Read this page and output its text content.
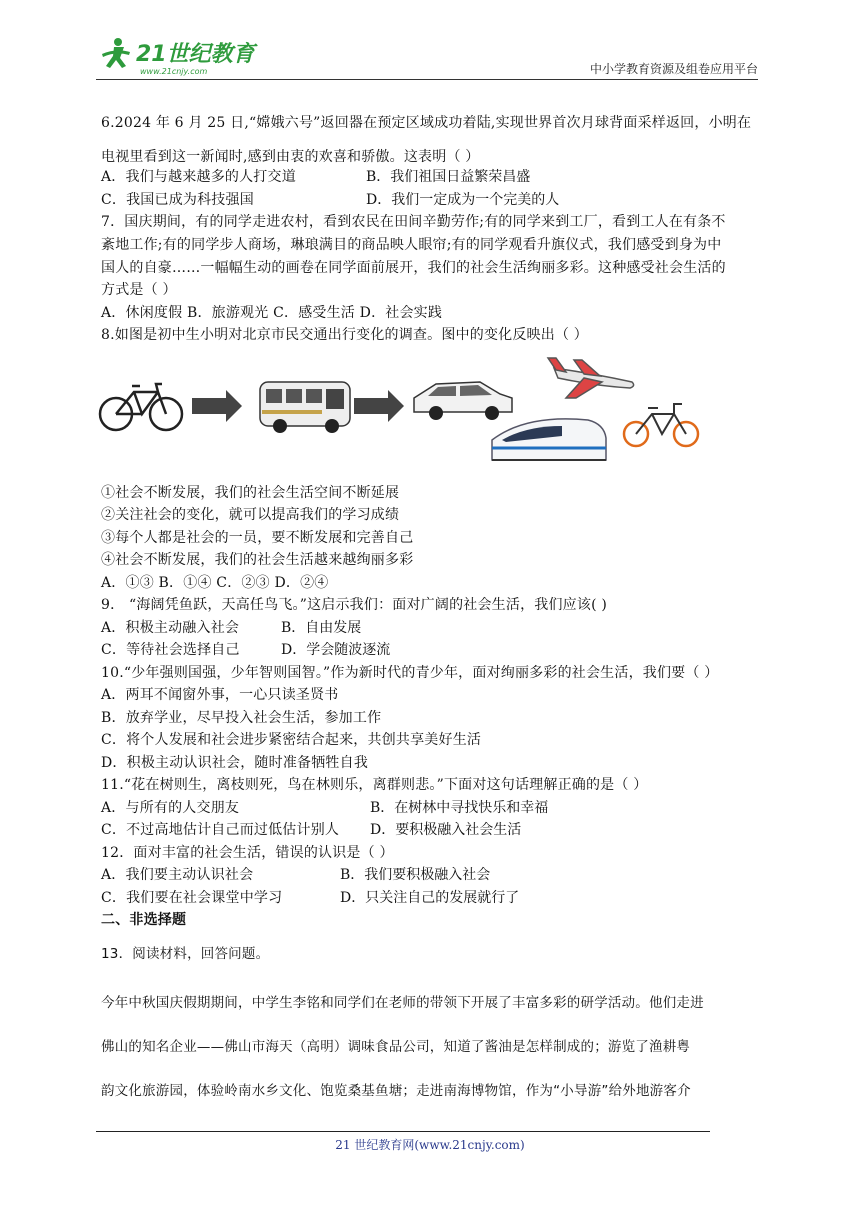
21世纪教育
www.21cnjy.com	中小学教育资源及组卷应用平台
6.2024 年 6 月 25 日,“嫦娥六号”返回器在预定区域成功着陆,实现世界首次月球背面采样返回，小明在
电视里看到这一新闻时,感到由衷的欢喜和骄傲。这表明（ ）
A．我们与越来越多的人打交道	B．我们祖国日益繁荣昌盛
C．我国已成为科技强国	D．我们一定成为一个完美的人
7．国庆期间，有的同学走进农村，看到农民在田间辛勤劳作;有的同学来到工厂，看到工人在有条不
紊地工作;有的同学步人商场，琳琅满目的商品映人眼帘;有的同学观看升旗仪式，我们感受到身为中
国人的自豪……一幅幅生动的画卷在同学面前展开，我们的社会生活绚丽多彩。这种感受社会生活的
方式是（ ）
A．休闲度假 B．旅游观光 C．感受生活 D．社会实践
8.如图是初中生小明对北京市民交通出行变化的调查。图中的变化反映出（ ）
①社会不断发展，我们的社会生活空间不断延展
②关注社会的变化，就可以提高我们的学习成绩
③每个人都是社会的一员，要不断发展和完善自己
④社会不断发展，我们的社会生活越来越绚丽多彩
A．①③ B．①④ C．②③ D．②④
9． “海阔凭鱼跃，天高任鸟飞。”这启示我们：面对广阔的社会生活，我们应该( )
A．积极主动融入社会	B．自由发展
C．等待社会选择自己	D．学会随波逐流
10.“少年强则国强，少年智则国智。”作为新时代的青少年，面对绚丽多彩的社会生活，我们要（ ）
A．两耳不闻窗外事，一心只读圣贤书
B．放弃学业，尽早投入社会生活，参加工作
C．将个人发展和社会进步紧密结合起来，共创共享美好生活
D．积极主动认识社会，随时准备牺牲自我
11.“花在树则生，离枝则死，鸟在林则乐，离群则悲。”下面对这句话理解正确的是（ ）
A．与所有的人交朋友	B．在树林中寻找快乐和幸福
C．不过高地估计自己而过低估计别人 D．要积极融入社会生活
12．面对丰富的社会生活，错误的认识是（ ）
A．我们要主动认识社会	B．我们要积极融入社会
C．我们要在社会课堂中学习	D．只关注自己的发展就行了
二、非选择题
13．阅读材料，回答问题。
今年中秋国庆假期期间，中学生李铭和同学们在老师的带领下开展了丰富多彩的研学活动。他们走进
佛山的知名企业——佛山市海天（高明）调味食品公司，知道了酱油是怎样制成的；游览了渔耕粤
韵文化旅游园，体验岭南水乡文化、饱览桑基鱼塘；走进南海博物馆，作为“小导游”给外地游客介
21 世纪教育网(www.21cnjy.com)
